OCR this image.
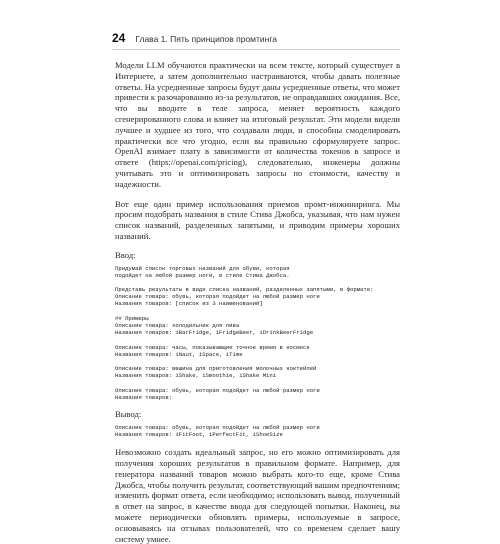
24 Глава 1. Пять принципов промтинга

Модели LLM обучаются практически на всем тексте, который существует в Интернете, а затем дополнительно настраиваются, чтобы давать полезные ответы. На усредненные запросы будут даны усредненные ответы, что может привести к разочарованию из-за результатов, не оправдавших ожидания. Все, что вы вводите в теле запроса, меняет вероятность каждого сгенерированного слова и влияет на итоговый результат. Эти модели видели лучшее и худшее из того, что создавали люди, и способны смоделировать практически все что угодно, если вы правильно сформулируете запрос. OpenAI взимает плату в зависимости от количества токенов в запросе и ответе (https://openai.com/pricing), следовательно, инженеры должны учитывать это и оптимизировать запросы по стоимости, качеству и надежности.

Вот еще один пример использования приемов промт-инжиниринга. Мы просим подобрать названия в стиле Стива Джобса, указывая, что нам нужен список названий, разделенных запятыми, и приводим примеры хороших названий.

Ввод:
Придумай список торговых названий для обуви, которая
подойдет на любой размер ноги, в стиле Стива Джобса.
Представь результаты в виде списка названий, разделенных запятыми, в формате:
Описание товара: обувь, которая подойдет на любой размер ноги
Названия товаров: [список из 3 наименований]
## Примеры
Описание товара: холодильник для пива
Названия товаров: iBarFridge, iFridgeBeer, iDrinkBeerFridge
Описание товара: часы, показывающие точное время в космосе
Названия товаров: iNaut, iSpace, iTime
Описание товара: машина для приготовления молочных коктейлей
Названия товаров: iShake, iSmoothie, iShake Mini
Описание товара: обувь, которая подойдет на любой размер ноги
Названия товаров:
Вывод:
Описание товара: обувь, которая подойдет на любой размер ноги
Названия товаров: iFitFoot, iPerfectFit, iShoeSize

Невозможно создать идеальный запрос, но его можно оптимизировать для получения хороших результатов в правильном формате. Например, для генератора названий товаров можно выбрать кого-то еще, кроме Стива Джобса, чтобы получить результат, соответствующий вашим предпочтениям; изменить формат ответа, если необходимо; использовать вывод, полученный в ответ на запрос, в качестве ввода для следующей попытки. Наконец, вы можете периодически обновлять примеры, используемые в запросе, основываясь на отзывах пользователей, что со временем сделает вашу систему умнее.
